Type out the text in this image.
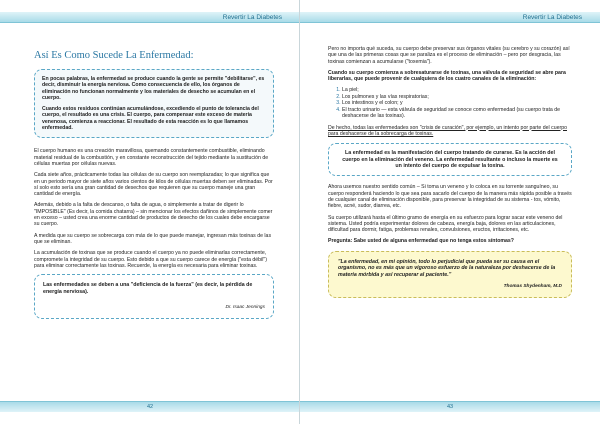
Revertir La Diabetes
Así Es Como Sucede La Enfermedad:

En pocas palabras, la enfermedad se produce cuando la gente se permite "debilitarse", es decir, disminuir la energía nerviosa. Como consecuencia de ello, los órganos de eliminación no funcionan normalmente y los materiales de desecho se acumulan en el cuerpo.

Cuando estos residuos continúan acumulándose, excediendo el punto de tolerancia del cuerpo, el resultado es una crisis. El cuerpo, para compensar este exceso de materia venenosa, comienza a reaccionar. El resultado de esta reacción es lo que llamamos enfermedad.

El cuerpo humano es una creación maravillosa, quemando constantemente combustible, eliminando material residual de la combustión, y en constante reconstrucción del tejido mediante la sustitución de células muertas por células nuevas.

Cada siete años, prácticamente todas las células de su cuerpo son reemplazadas; lo que significa que en un periodo mayor de siete años varios cientos de kilos de células muertas deben ser eliminadas. Por sí solo esto sería una gran cantidad de desechos que requieren que su cuerpo maneje una gran cantidad de energía.

Además, debido a la falta de descanso, o falta de agua, o simplemente a tratar de digerir lo "IMPOSIBLE" (Es decir, la comida chatarra) – sin mencionar los efectos dañinos de simplemente comer en exceso – usted crea una enorme cantidad de productos de desecho de los cuales debe encargarse su cuerpo.

A medida que su cuerpo se sobrecarga con más de lo que puede manejar, ingresan más toxinas de las que se eliminan.

La acumulación de toxinas que se produce cuando el cuerpo ya no puede eliminarlas correctamente, compromete la integridad de su cuerpo. Esto debido a que su cuerpo carece de energía ("esta débil") para eliminar correctamente las toxinas. Recuerde, la energía es necesaria para eliminar toxinas.

Las enfermedades se deben a una "deficiencia de la fuerza" (es decir, la pérdida de energía nerviosa).

Dr. Isaac Jennings

42
Revertir La Diabetes

Pero no importa qué suceda, su cuerpo debe preservar sus órganos vitales (su cerebro y su corazón) así que una de las primeras cosas que se paraliza es el proceso de eliminación – pero por desgracia, las toxinas comienzan a acumularse ("toxemia").

Cuando su cuerpo comienza a sobresaturarse de toxinas, una válvula de seguridad se abre para liberarlas, que puede provenir de cualquiera de los cuatro canales de la eliminación:

1. La piel;
2. Los pulmones y las vías respiratorias;
3. Los intestinos y el colon; y
4. El tracto urinario — esta válvula de seguridad se conoce como enfermedad (su cuerpo trata de deshacerse de las toxinas).

De hecho, todas las enfermedades son "crisis de curación", por ejemplo, un intento por parte del cuerpo para deshacerse de la sobrecarga de toxinas.

La enfermedad es la manifestación del cuerpo tratando de curarse. Es la acción del cuerpo en la eliminación del veneno. La enfermedad resultante o incluso la muerte es un intento del cuerpo de expulsar la toxina.

Ahora usemos nuestro sentido común – Si toma un veneno y lo coloca en su torrente sanguíneo, su cuerpo responderá haciendo lo que sea para sacarlo del cuerpo de la manera más rápida posible a través de cualquier canal de eliminación disponible, para preservar la integridad de su sistema - tos, vómito, fiebre, acné, sudor, diarrea, etc.

Su cuerpo utilizará hasta el último gramo de energía en su esfuerzo para lograr sacar este veneno del sistema. Usted podría experimentar dolores de cabeza, energía baja, dolores en las articulaciones, dificultad para dormir, fatiga, problemas renales, convulsiones, eructos, irritaciones, etc.

Pregunta: Sabe usted de alguna enfermedad que no tenga estos síntomas?

"La enfermedad, en mi opinión, todo lo perjudicial que pueda ser su causa en el organismo, no es más que un vigoroso esfuerzo de la naturaleza por deshacerse de la materia mórbida y así recuperar al paciente."

Thomas Shydenham, M.D

43
